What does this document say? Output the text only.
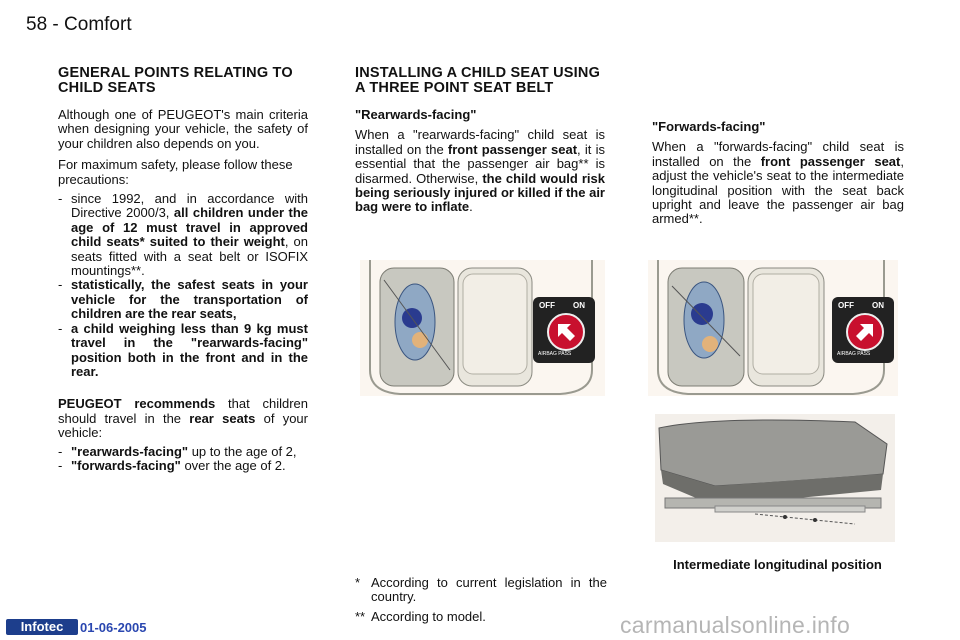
58 - Comfort
GENERAL POINTS RELATING TO CHILD SEATS

Although one of PEUGEOT's main criteria when designing your vehicle, the safety of your children also depends on you.

For maximum safety, please follow these precautions:

- since 1992, and in accordance with Directive 2000/3, all children under the age of 12 must travel in approved child seats* suited to their weight, on seats fitted with a seat belt or ISOFIX mountings**.
- statistically, the safest seats in your vehicle for the transportation of children are the rear seats,
- a child weighing less than 9 kg must travel in the "rearwards-facing" position both in the front and in the rear.

PEUGEOT recommends that children should travel in the rear seats of your vehicle:

- "rearwards-facing" up to the age of 2,
- "forwards-facing" over the age of 2.
INSTALLING A CHILD SEAT USING A THREE POINT SEAT BELT

"Rearwards-facing"

When a "rearwards-facing" child seat is installed on the front passenger seat, it is essential that the passenger air bag** is disarmed. Otherwise, the child would risk being seriously injured or killed if the air bag were to inflate.

"Forwards-facing"

When a "forwards-facing" child seat is installed on the front passenger seat, adjust the vehicle's seat to the intermediate longitudinal position with the seat back upright and leave the passenger air bag armed**.

OFF ON
AIRBAG PASS
OFF ON
AIRBAG PASS
Intermediate longitudinal position
* According to current legislation in the country.
** According to model.
Infotec	01-06-2005	carmanualsonline.info
